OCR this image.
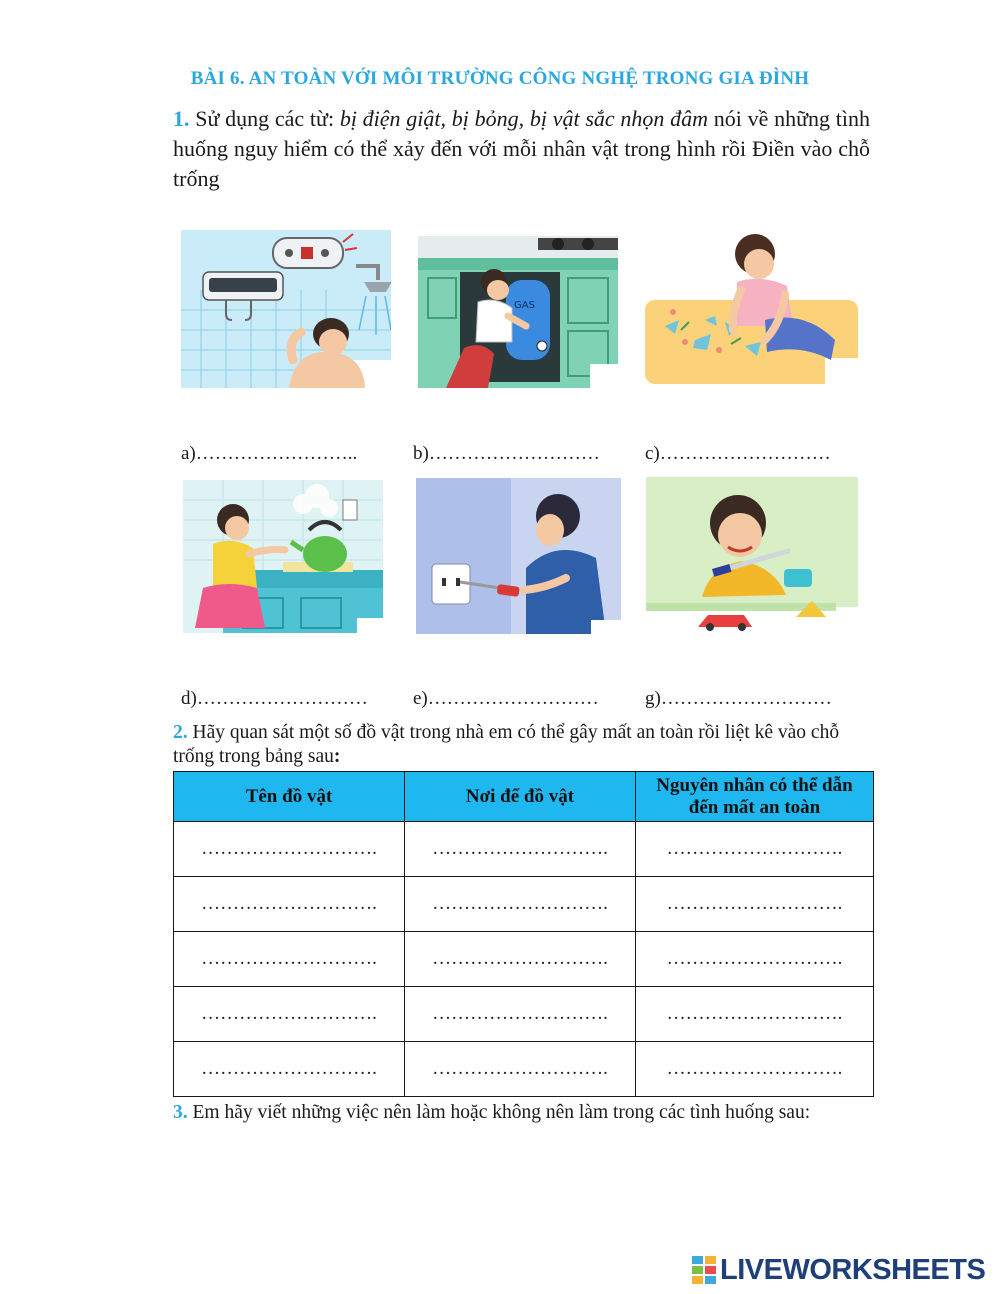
BÀI 6. AN TOÀN VỚI MÔI TRƯỜNG CÔNG NGHỆ TRONG GIA ĐÌNH
1. Sử dụng các từ: bị điện giật, bị bỏng, bị vật sắc nhọn đâm nói về những tình huống nguy hiểm có thể xảy đến với mỗi nhân vật trong hình rồi Điền vào chỗ trống
GAS
a)……………………..	b)……………………… c)………………………
d)……………………… e)……………………… g)………………………
2. Hãy quan sát một số đồ vật trong nhà em có thể gây mất an toàn rồi liệt kê vào chỗ trống trong bảng sau:
Tên đồ vật	Nơi để đồ vật	Nguyên nhân có thể dẫn đến mất an toàn
……………………….	……………………….	……………………….
……………………….	……………………….	……………………….
……………………….	……………………….	……………………….
……………………….	……………………….	……………………….
……………………….	……………………….	……………………….
3. Em hãy viết những việc nên làm hoặc không nên làm trong các tình huống sau:
LIVEWORKSHEETS
